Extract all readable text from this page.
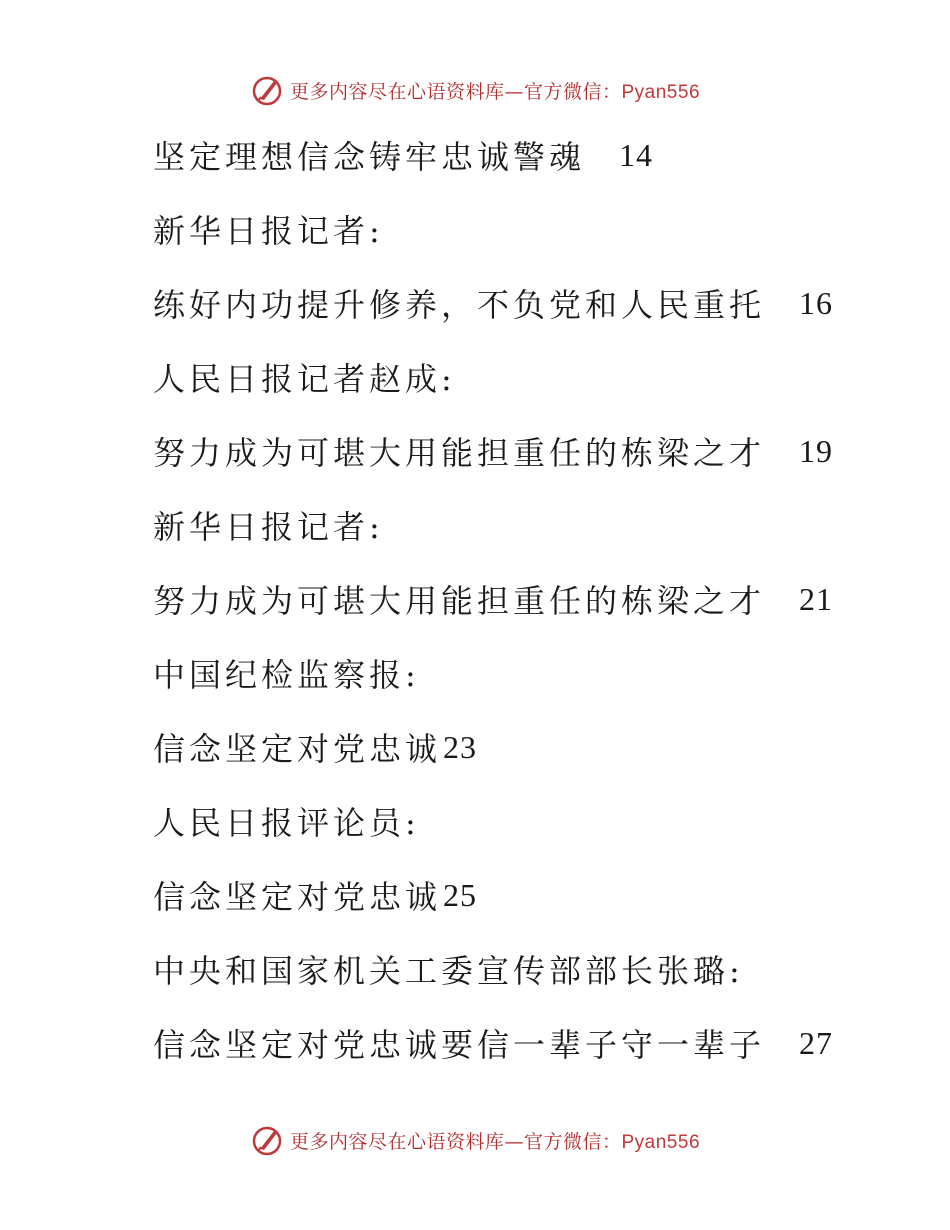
更多内容尽在心语资料库—官方微信：Pyan556
坚定理想信念铸牢忠诚警魂 14
新华日报记者:
练好内功提升修养，不负党和人民重托 16
人民日报记者赵成:
努力成为可堪大用能担重任的栋梁之才 19
新华日报记者:
努力成为可堪大用能担重任的栋梁之才 21
中国纪检监察报:
信念坚定对党忠诚 23
人民日报评论员:
信念坚定对党忠诚 25
中央和国家机关工委宣传部部长张璐:
信念坚定对党忠诚要信一辈子守一辈子 27
更多内容尽在心语资料库—官方微信：Pyan556
